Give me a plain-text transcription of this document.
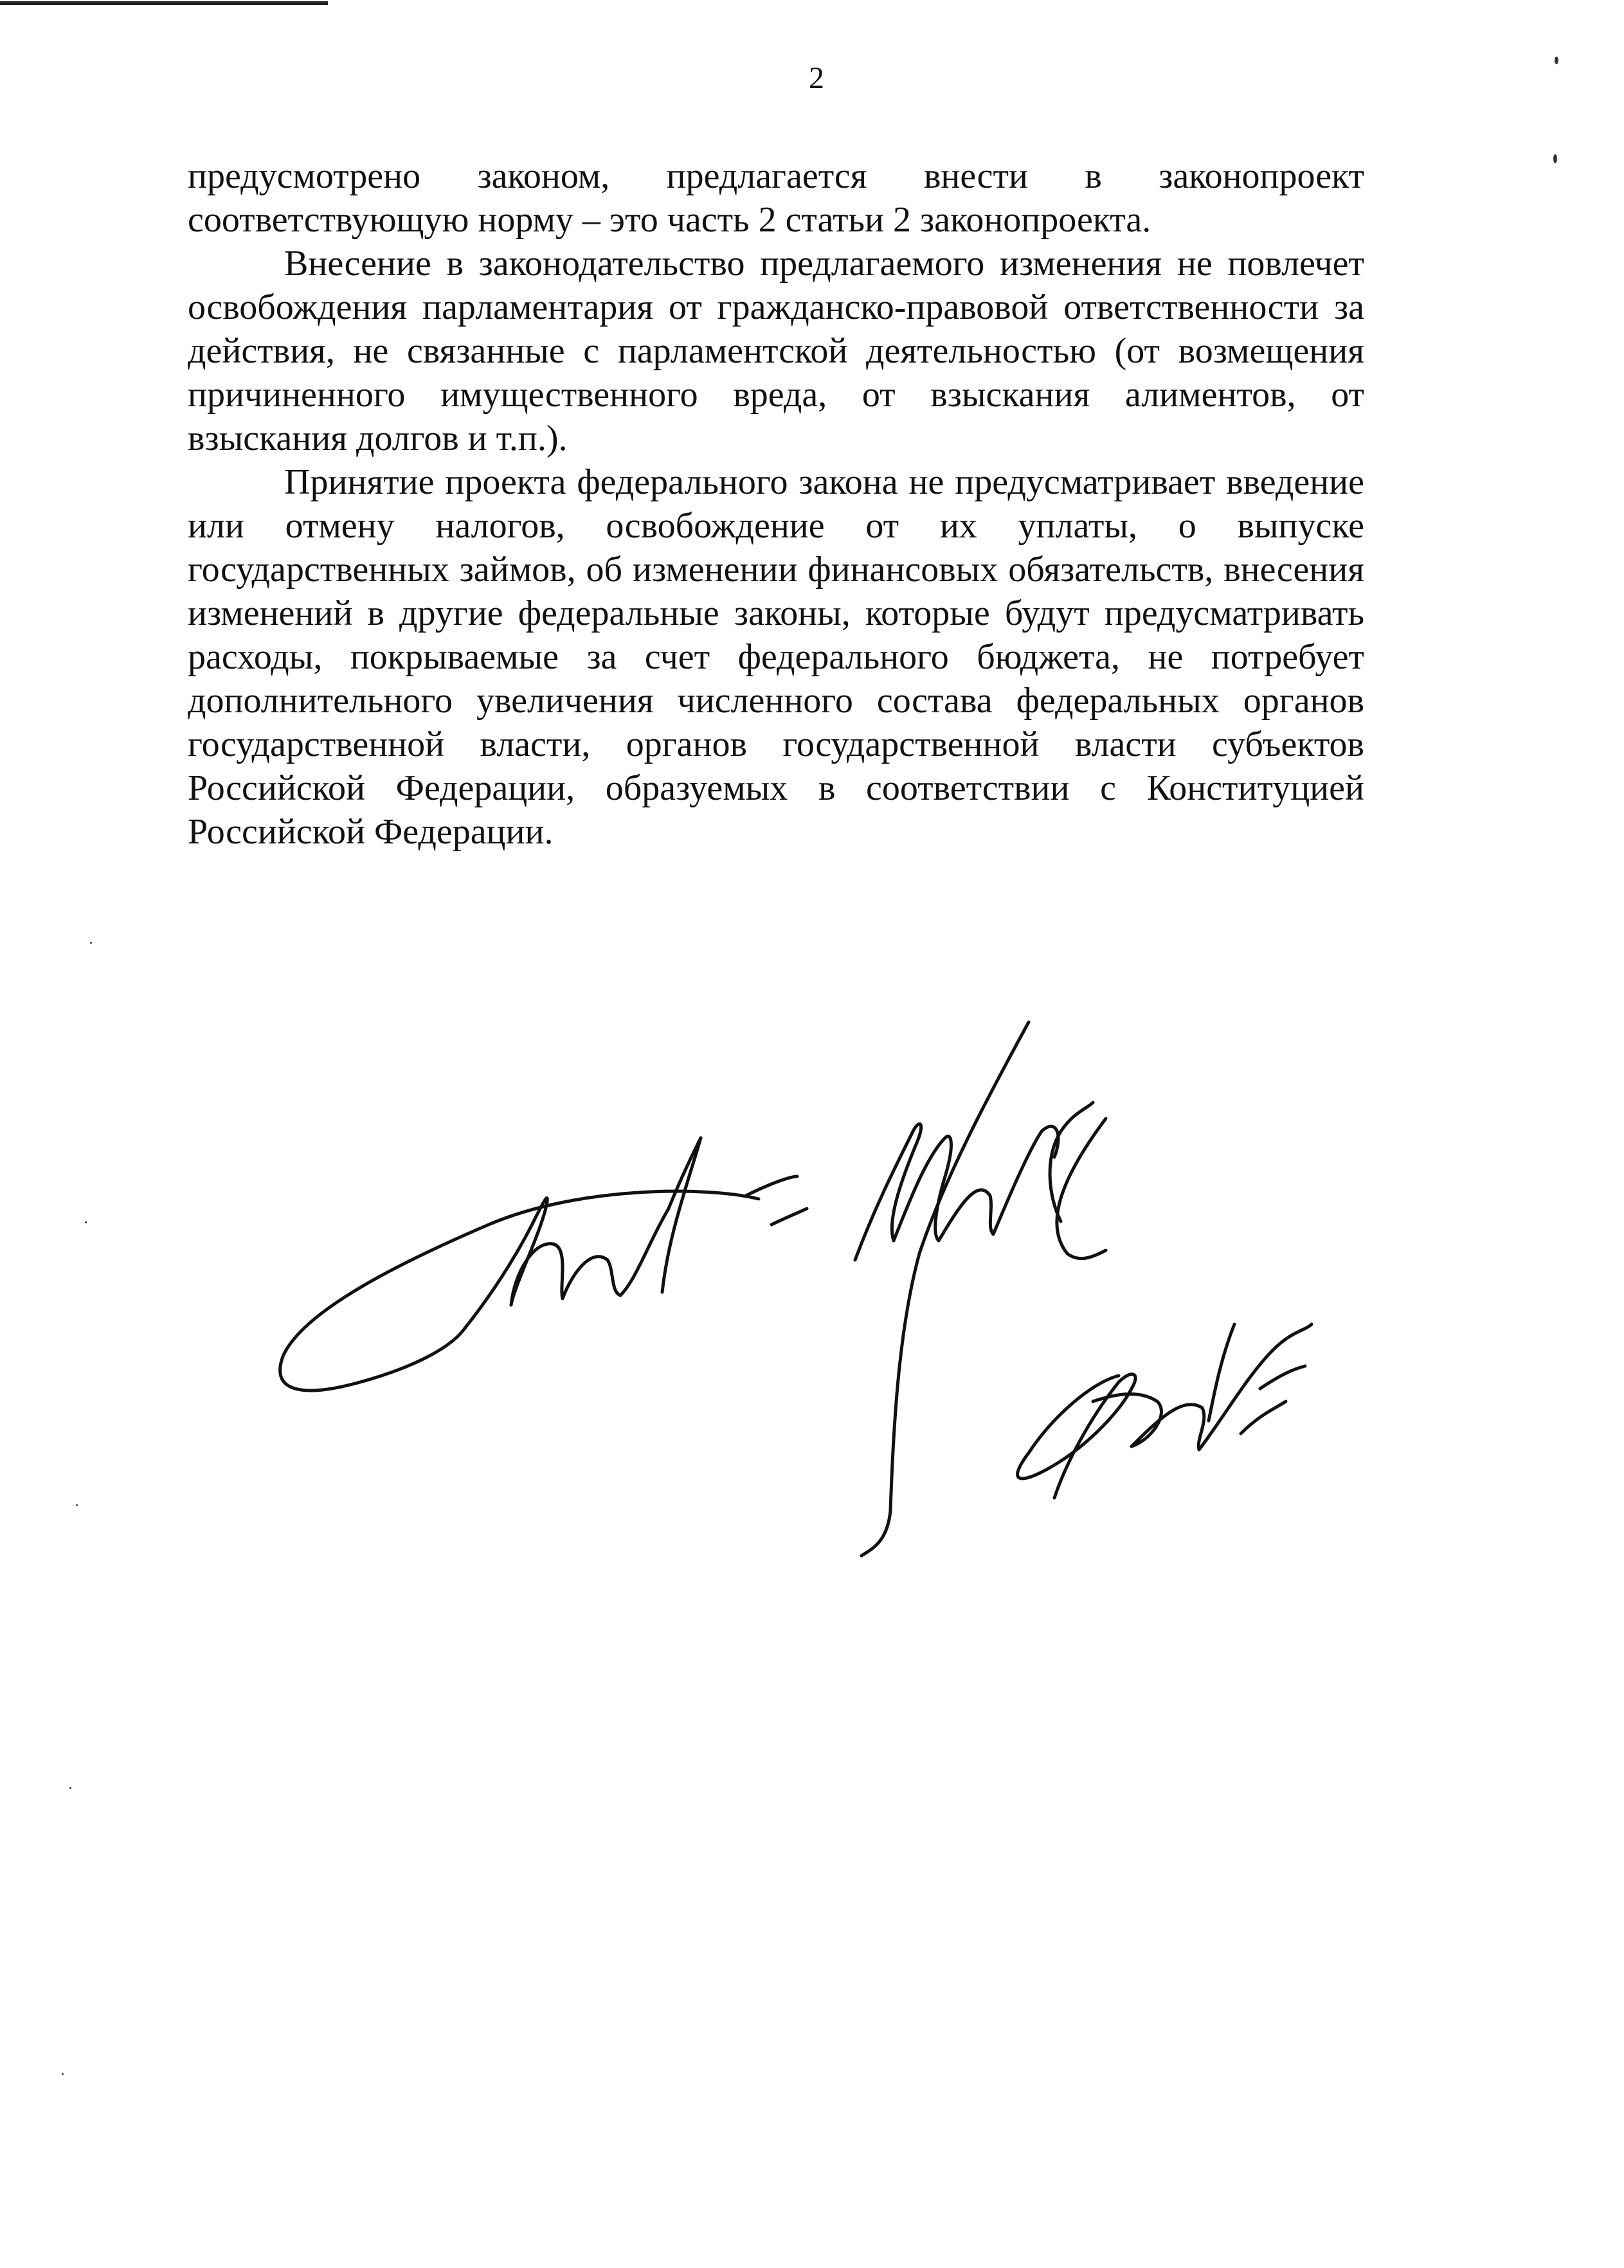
2

предусмотрено законом, предлагается внести в законопроект соответствующую норму – это часть 2 статьи 2 законопроекта.

Внесение в законодательство предлагаемого изменения не повлечет освобождения парламентария от гражданско-правовой ответственности за действия, не связанные с парламентской деятельностью (от возмещения причиненного имущественного вреда, от взыскания алиментов, от взыскания долгов и т.п.).

Принятие проекта федерального закона не предусматривает введение или отмену налогов, освобождение от их уплаты, о выпуске государственных займов, об изменении финансовых обязательств, внесения изменений в другие федеральные законы, которые будут предусматривать расходы, покрываемые за счет федерального бюджета, не потребует дополнительного увеличения численного состава федеральных органов государственной власти, органов государственной власти субъектов Российской Федерации, образуемых в соответствии с Конституцией Российской Федерации.
